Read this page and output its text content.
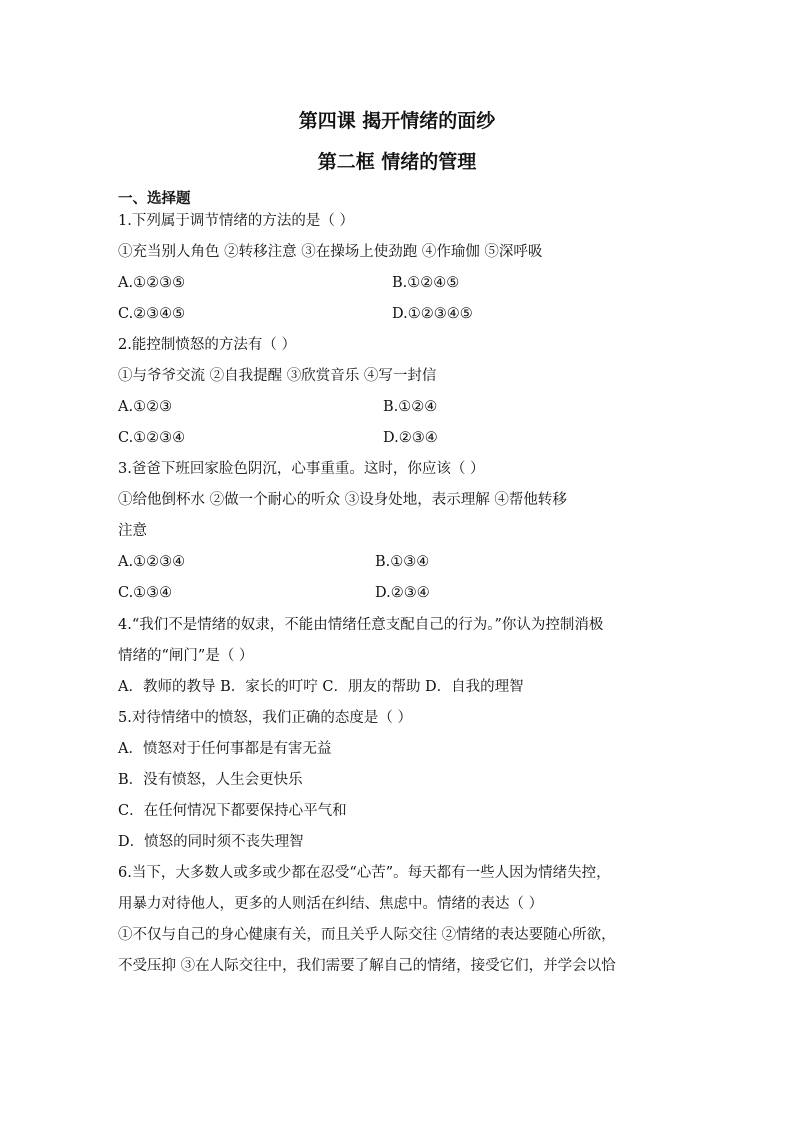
第四课 揭开情绪的面纱
第二框 情绪的管理
一、选择题
1.下列属于调节情绪的方法的是（ ）
①充当别人角色 ②转移注意 ③在操场上使劲跑 ④作瑜伽 ⑤深呼吸
A.①②③⑤	B.①②④⑤
C.②③④⑤	D.①②③④⑤
2.能控制愤怒的方法有（ ）
①与爷爷交流 ②自我提醒 ③欣赏音乐 ④写一封信
A.①②③	B.①②④
C.①②③④	D.②③④
3.爸爸下班回家脸色阴沉，心事重重。这时，你应该（ ）
①给他倒杯水 ②做一个耐心的听众 ③设身处地，表示理解 ④帮他转移
注意
A.①②③④	B.①③④
C.①③④	D.②③④
4.“我们不是情绪的奴隶，不能由情绪任意支配自己的行为。”你认为控制消极
情绪的“闸门”是（ ）
A．教师的教导 B．家长的叮咛 C．朋友的帮助 D．自我的理智
5.对待情绪中的愤怒，我们正确的态度是（ ）
A．愤怒对于任何事都是有害无益
B．没有愤怒，人生会更快乐
C．在任何情况下都要保持心平气和
D．愤怒的同时须不丧失理智
6.当下，大多数人或多或少都在忍受“心苦”。每天都有一些人因为情绪失控，
用暴力对待他人，更多的人则活在纠结、焦虑中。情绪的表达（ ）
①不仅与自己的身心健康有关，而且关乎人际交往 ②情绪的表达要随心所欲，
不受压抑 ③在人际交往中，我们需要了解自己的情绪，接受它们，并学会以恰
